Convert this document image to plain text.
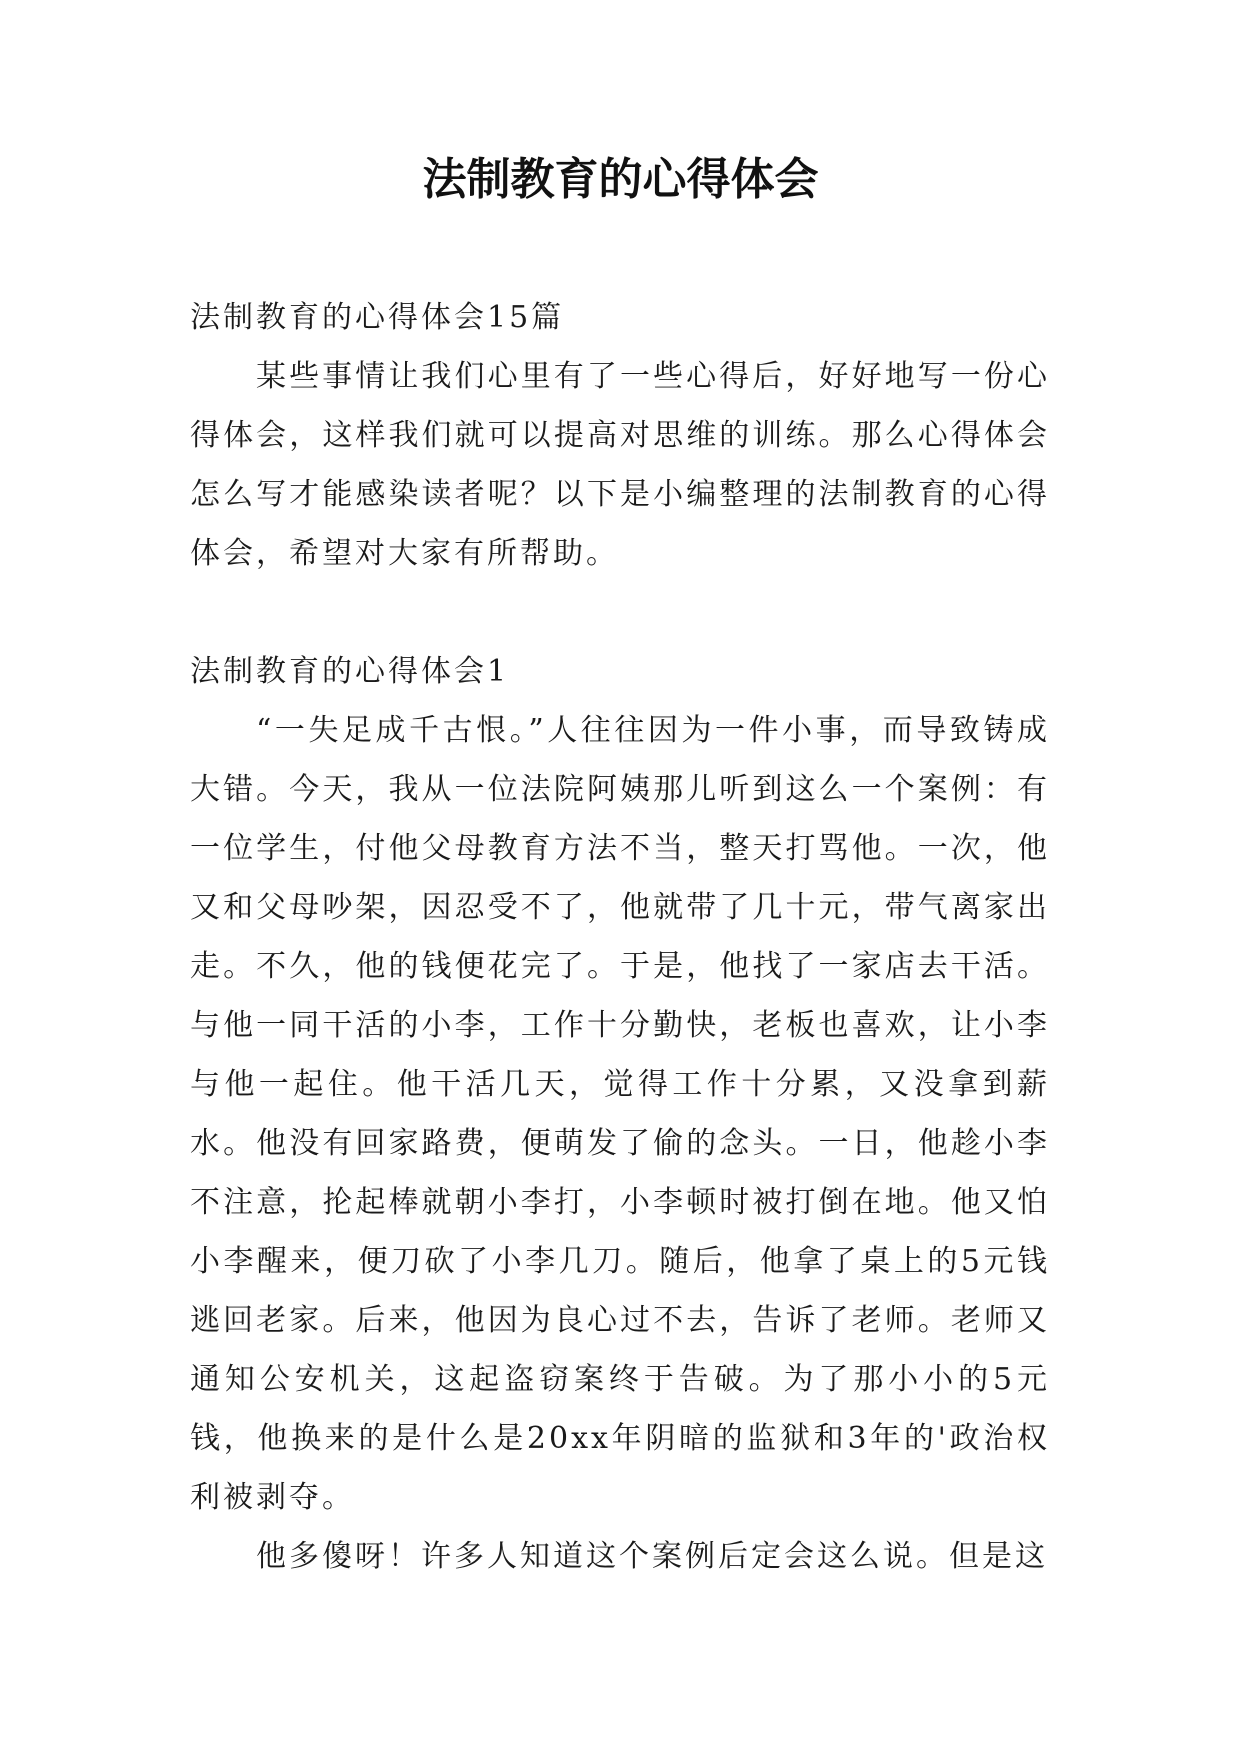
法制教育的心得体会

法制教育的心得体会15篇

某些事情让我们心里有了一些心得后，好好地写一份心得体会，这样我们就可以提高对思维的训练。那么心得体会怎么写才能感染读者呢？以下是小编整理的法制教育的心得体会，希望对大家有所帮助。

法制教育的心得体会1

“一失足成千古恨。”人往往因为一件小事，而导致铸成大错。今天，我从一位法院阿姨那儿听到这么一个案例：有一位学生，付他父母教育方法不当，整天打骂他。一次，他又和父母吵架，因忍受不了，他就带了几十元，带气离家出走。不久，他的钱便花完了。于是，他找了一家店去干活。与他一同干活的小李，工作十分勤快，老板也喜欢，让小李与他一起住。他干活几天，觉得工作十分累，又没拿到薪水。他没有回家路费，便萌发了偷的念头。一日，他趁小李不注意，抡起棒就朝小李打，小李顿时被打倒在地。他又怕小李醒来，便刀砍了小李几刀。随后，他拿了桌上的5元钱逃回老家。后来，他因为良心过不去，告诉了老师。老师又通知公安机关，这起盗窃案终于告破。为了那小小的5元钱，他换来的是什么是20xx年阴暗的监狱和3年的'政治权利被剥夺。

他多傻呀！许多人知道这个案例后定会这么说。但是这
